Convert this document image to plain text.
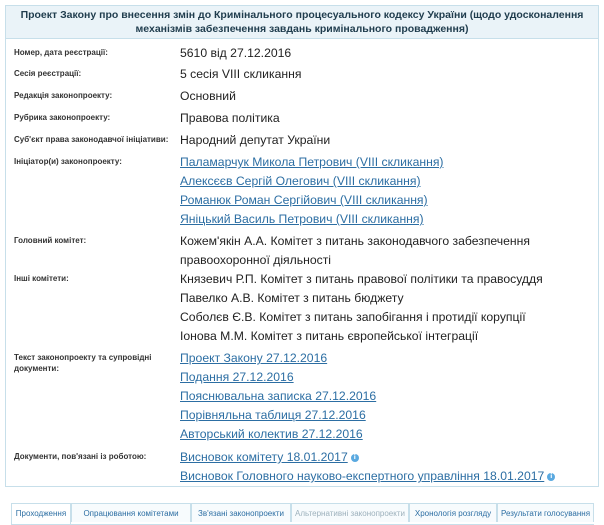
Проект Закону про внесення змін до Кримінального процесуального кодексу України (щодо удосконалення механізмів забезпечення завдань кримінального провадження)
Номер, дата реєстрації:	5610 від 27.12.2016
Сесія реєстрації:	5 сесія VIII скликання
Редакція законопроекту:	Основний
Рубрика законопроекту:	Правова політика
Суб'єкт права законодавчої ініціативи: Народний депутат України
Ініціатор(и) законопроекту:	Паламарчук Микола Петрович (VIII скликання)
Алексєєв Сергій Олегович (VIII скликання)
Романюк Роман Сергійович (VIII скликання)
Яніцький Василь Петрович (VIII скликання)
Головний комітет:	Кожем'якін А.А. Комітет з питань законодавчого забезпечення
правоохоронної діяльності
Інші комітети:	Князевич Р.П. Комітет з питань правової політики та правосуддя
Павелко А.В. Комітет з питань бюджету
Соболєв Є.В. Комітет з питань запобігання і протидії корупції
Іонова М.М. Комітет з питань європейської інтеграції
Текст законопроекту та супровідні документи:
Проект Закону 27.12.2016
Подання 27.12.2016
Пояснювальна записка 27.12.2016
Порівняльна таблиця 27.12.2016
Авторський колектив 27.12.2016
Документи, пов'язані із роботою:	Висновок комітету 18.01.2017 i
Висновок Головного науково-експертного управління 18.01.2017 i
Проходження	Опрацювання комітетами	Зв'язані законопроекти	Альтернативні законопроекти	Хронологія розгляду	Результати голосування
